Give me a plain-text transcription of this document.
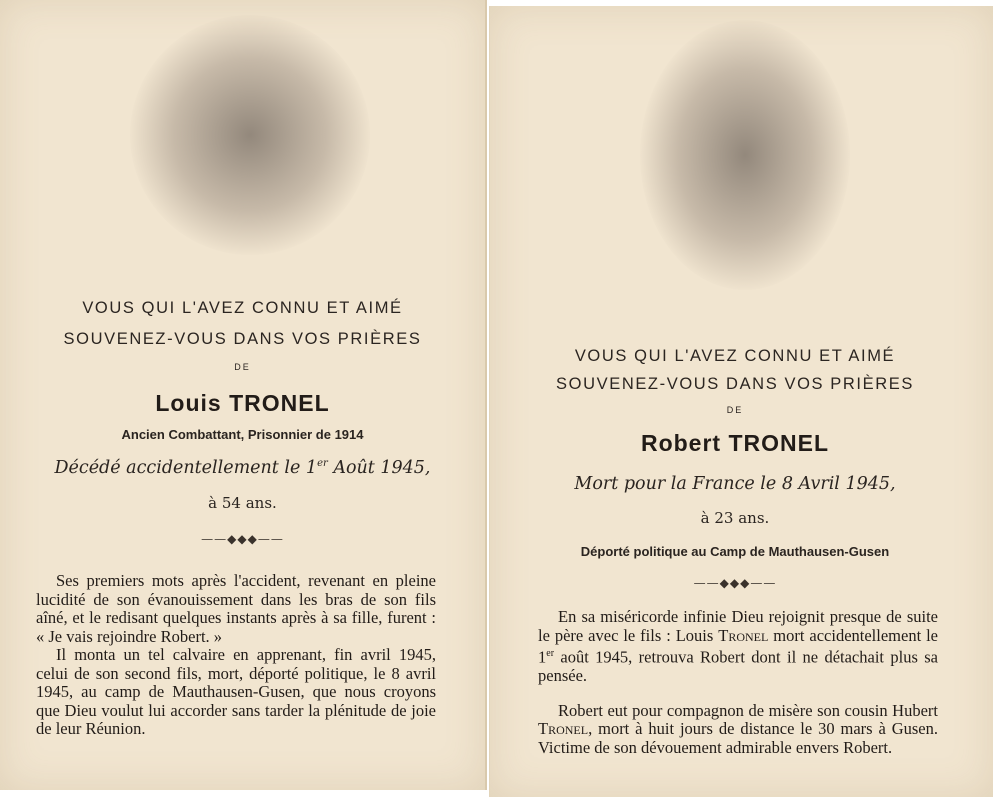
VOUS QUI L'AVEZ CONNU ET AIMÉ
SOUVENEZ-VOUS DANS VOS PRIÈRES
DE
Louis TRONEL
Ancien Combattant, Prisonnier de 1914
Décédé accidentellement le 1er Août 1945,
à 54 ans.
——◆◆◆——

Ses premiers mots après l'accident, revenant en pleine lucidité de son évanouissement dans les bras de son fils aîné, et le redisant quelques instants après à sa fille, furent : « Je vais rejoindre Robert. »

Il monta un tel calvaire en apprenant, fin avril 1945, celui de son second fils, mort, déporté politique, le 8 avril 1945, au camp de Mauthausen-Gusen, que nous croyons que Dieu voulut lui accorder sans tarder la plénitude de joie de leur Réunion.

VOUS QUI L'AVEZ CONNU ET AIMÉ
SOUVENEZ-VOUS DANS VOS PRIÈRES
DE
Robert TRONEL
Mort pour la France le 8 Avril 1945,
à 23 ans.
Déporté politique au Camp de Mauthausen-Gusen
——◆◆◆——

En sa miséricorde infinie Dieu rejoignit presque de suite le père avec le fils : Louis Tronel mort accidentellement le 1er août 1945, retrouva Robert dont il ne détachait plus sa pensée.

Robert eut pour compagnon de misère son cousin Hubert Tronel, mort à huit jours de distance le 30 mars à Gusen. Victime de son dévouement admirable envers Robert.
